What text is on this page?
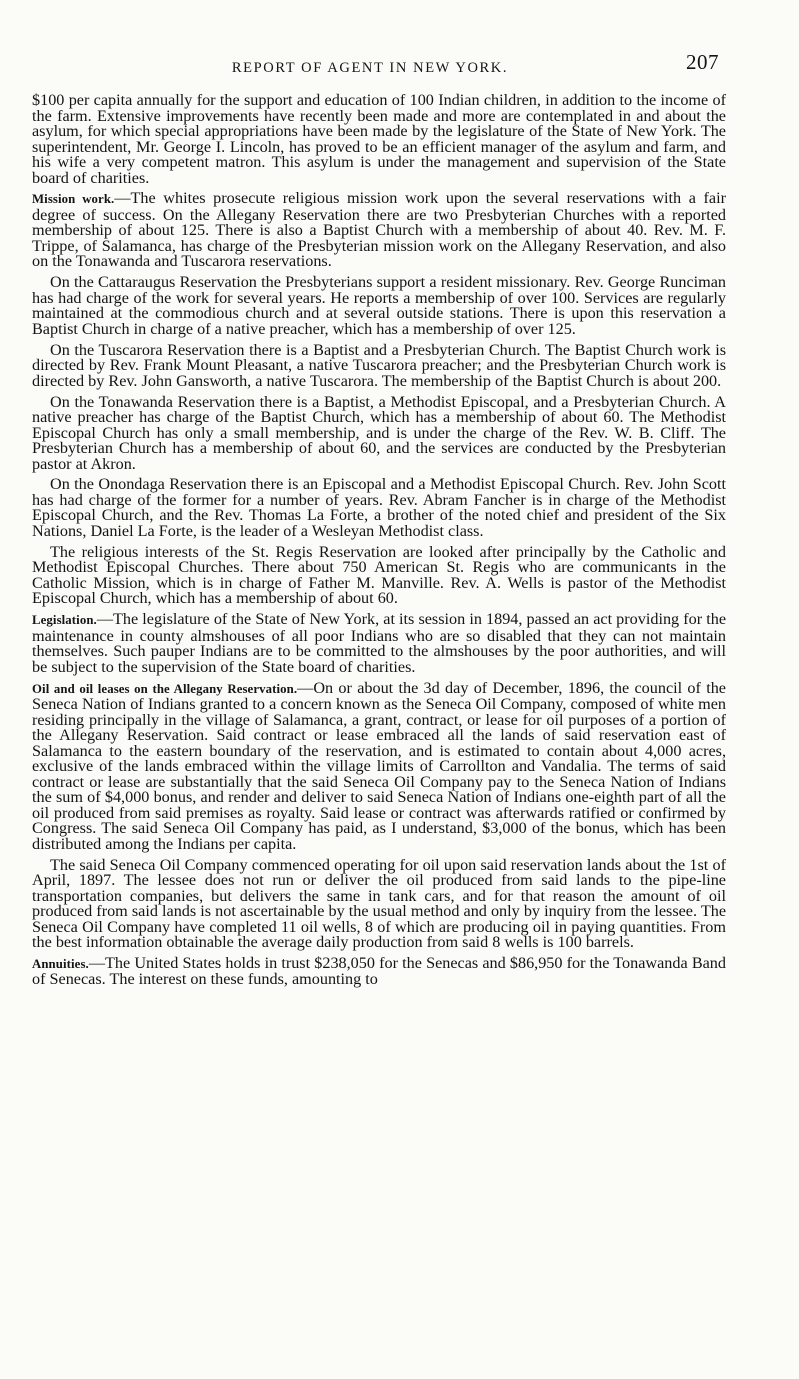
REPORT OF AGENT IN NEW YORK.	207

$100 per capita annually for the support and education of 100 Indian children, in addition to the income of the farm. Extensive improvements have recently been made and more are contemplated in and about the asylum, for which special appropriations have been made by the legislature of the State of New York. The superintendent, Mr. George I. Lincoln, has proved to be an efficient manager of the asylum and farm, and his wife a very competent matron. This asylum is under the management and supervision of the State board of charities.

Mission work.—The whites prosecute religious mission work upon the several reservations with a fair degree of success. On the Allegany Reservation there are two Presbyterian Churches with a reported membership of about 125. There is also a Baptist Church with a membership of about 40. Rev. M. F. Trippe, of Salamanca, has charge of the Presbyterian mission work on the Allegany Reservation, and also on the Tonawanda and Tuscarora reservations.

On the Cattaraugus Reservation the Presbyterians support a resident missionary. Rev. George Runciman has had charge of the work for several years. He reports a membership of over 100. Services are regularly maintained at the commodious church and at several outside stations. There is upon this reservation a Baptist Church in charge of a native preacher, which has a membership of over 125.

On the Tuscarora Reservation there is a Baptist and a Presbyterian Church. The Baptist Church work is directed by Rev. Frank Mount Pleasant, a native Tuscarora preacher; and the Presbyterian Church work is directed by Rev. John Gansworth, a native Tuscarora. The membership of the Baptist Church is about 200.

On the Tonawanda Reservation there is a Baptist, a Methodist Episcopal, and a Presbyterian Church. A native preacher has charge of the Baptist Church, which has a membership of about 60. The Methodist Episcopal Church has only a small membership, and is under the charge of the Rev. W. B. Cliff. The Presbyterian Church has a membership of about 60, and the services are conducted by the Presbyterian pastor at Akron.

On the Onondaga Reservation there is an Episcopal and a Methodist Episcopal Church. Rev. John Scott has had charge of the former for a number of years. Rev. Abram Fancher is in charge of the Methodist Episcopal Church, and the Rev. Thomas La Forte, a brother of the noted chief and president of the Six Nations, Daniel La Forte, is the leader of a Wesleyan Methodist class.

The religious interests of the St. Regis Reservation are looked after principally by the Catholic and Methodist Episcopal Churches. There about 750 American St. Regis who are communicants in the Catholic Mission, which is in charge of Father M. Manville. Rev. A. Wells is pastor of the Methodist Episcopal Church, which has a membership of about 60.

Legislation.—The legislature of the State of New York, at its session in 1894, passed an act providing for the maintenance in county almshouses of all poor Indians who are so disabled that they can not maintain themselves. Such pauper Indians are to be committed to the almshouses by the poor authorities, and will be subject to the supervision of the State board of charities.

Oil and oil leases on the Allegany Reservation.—On or about the 3d day of December, 1896, the council of the Seneca Nation of Indians granted to a concern known as the Seneca Oil Company, composed of white men residing principally in the village of Salamanca, a grant, contract, or lease for oil purposes of a portion of the Allegany Reservation. Said contract or lease embraced all the lands of said reservation east of Salamanca to the eastern boundary of the reservation, and is estimated to contain about 4,000 acres, exclusive of the lands embraced within the village limits of Carrollton and Vandalia. The terms of said contract or lease are substantially that the said Seneca Oil Company pay to the Seneca Nation of Indians the sum of $4,000 bonus, and render and deliver to said Seneca Nation of Indians one-eighth part of all the oil produced from said premises as royalty. Said lease or contract was afterwards ratified or confirmed by Congress. The said Seneca Oil Company has paid, as I understand, $3,000 of the bonus, which has been distributed among the Indians per capita.

The said Seneca Oil Company commenced operating for oil upon said reservation lands about the 1st of April, 1897. The lessee does not run or deliver the oil produced from said lands to the pipe-line transportation companies, but delivers the same in tank cars, and for that reason the amount of oil produced from said lands is not ascertainable by the usual method and only by inquiry from the lessee. The Seneca Oil Company have completed 11 oil wells, 8 of which are producing oil in paying quantities. From the best information obtainable the average daily production from said 8 wells is 100 barrels.

Annuities.—The United States holds in trust $238,050 for the Senecas and $86,950 for the Tonawanda Band of Senecas. The interest on these funds, amounting to
